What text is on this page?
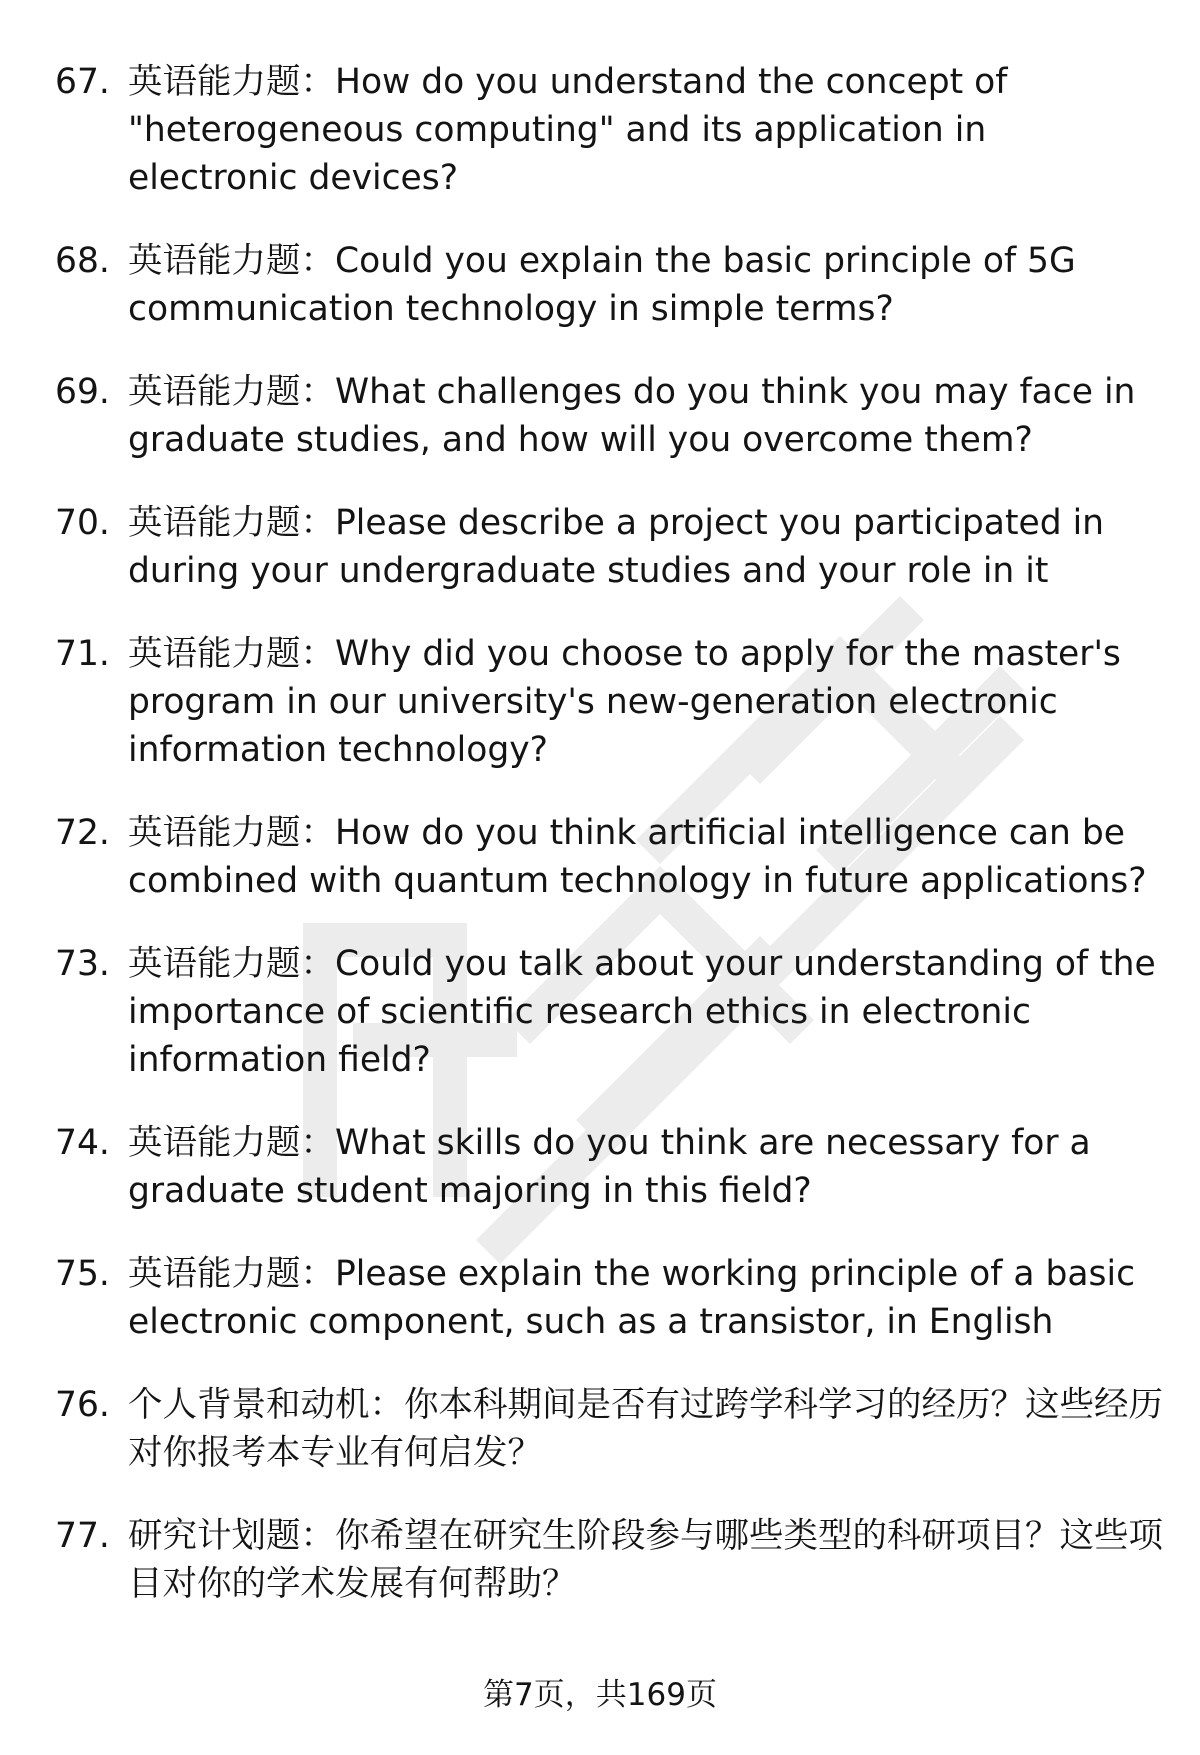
67. 英语能力题：How do you understand the concept of "heterogeneous computing" and its application in electronic devices?
68. 英语能力题：Could you explain the basic principle of 5G communication technology in simple terms?
69. 英语能力题：What challenges do you think you may face in graduate studies, and how will you overcome them?
70. 英语能力题：Please describe a project you participated in during your undergraduate studies and your role in it
71. 英语能力题：Why did you choose to apply for the master's program in our university's new-generation electronic information technology?
72. 英语能力题：How do you think artificial intelligence can be combined with quantum technology in future applications?
73. 英语能力题：Could you talk about your understanding of the importance of scientific research ethics in electronic information field?
74. 英语能力题：What skills do you think are necessary for a graduate student majoring in this field?
75. 英语能力题：Please explain the working principle of a basic electronic component, such as a transistor, in English
76. 个人背景和动机：你本科期间是否有过跨学科学习的经历？这些经历对你报考本专业有何启发？
77. 研究计划题：你希望在研究生阶段参与哪些类型的科研项目？这些项目对你的学术发展有何帮助？
第7页，共169页
